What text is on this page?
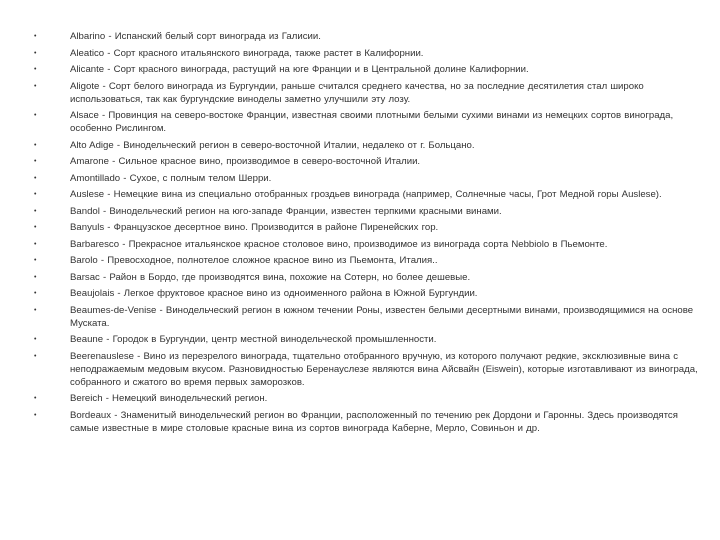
•	Albarino - Испанский белый сорт винограда из Галисии.
•	Aleatico - Сорт красного итальянского винограда, также растет в Калифорнии.
•	Alicante - Сорт красного винограда, растущий на юге Франции и в Центральной долине Калифорнии.
•	Aligote - Сорт белого винограда из Бургундии, раньше считался среднего качества, но за последние десятилетия стал широко использоваться, так как бургундские виноделы заметно улучшили эту лозу.
•	Alsace - Провинция на северо-востоке Франции, известная своими плотными белыми сухими винами из немецких сортов винограда, особенно Рислингом.
•	Alto Adige - Винодельческий регион в северо-восточной Италии, недалеко от г. Больцано.
•	Amarone - Сильное красное вино, производимое в северо-восточной Италии.
•	Amontillado - Сухое, с полным телом Шерри.
•	Auslese - Немецкие вина из специально отобранных гроздьев винограда (например, Солнечные часы, Грот Медной горы Auslese).
•	Bandol - Винодельческий регион на юго-западе Франции, известен терпкими красными винами.
•	Banyuls - Французское десертное вино. Производится в районе Пиренейских гор.
•	Barbaresco - Прекрасное итальянское красное столовое вино, производимое из винограда сорта Nebbiolo в Пьемонте.
•	Barolo - Превосходное, полнотелое сложное красное вино из Пьемонта, Италия..
•	Barsac - Район в Бордо, где производятся вина, похожие на Сотерн, но более дешевые.
•	Beaujolais - Легкое фруктовое красное вино из одноименного района в Южной Бургундии.
•	Beaumes-de-Venise - Винодельческий регион в южном течении Роны, известен белыми десертными винами, производящимися на основе Муската.
•	Beaune - Городок в Бургундии, центр местной винодельческой промышленности.
•	Beerenauslese - Вино из перезрелого винограда, тщательно отобранного вручную, из которого получают редкие, эксклюзивные вина с неподражаемым медовым вкусом. Разновидностью Беренауслезе являются вина Айсвайн (Eiswein), которые изготавливают из винограда, собранного и сжатого во время первых заморозков.
•	Bereich - Немецкий винодельческий регион.
•	Bordeaux - Знаменитый винодельческий регион во Франции, расположенный по течению рек Дордони и Гаронны. Здесь производятся самые известные в мире столовые красные вина из сортов винограда Каберне, Мерло, Совиньон и др.
